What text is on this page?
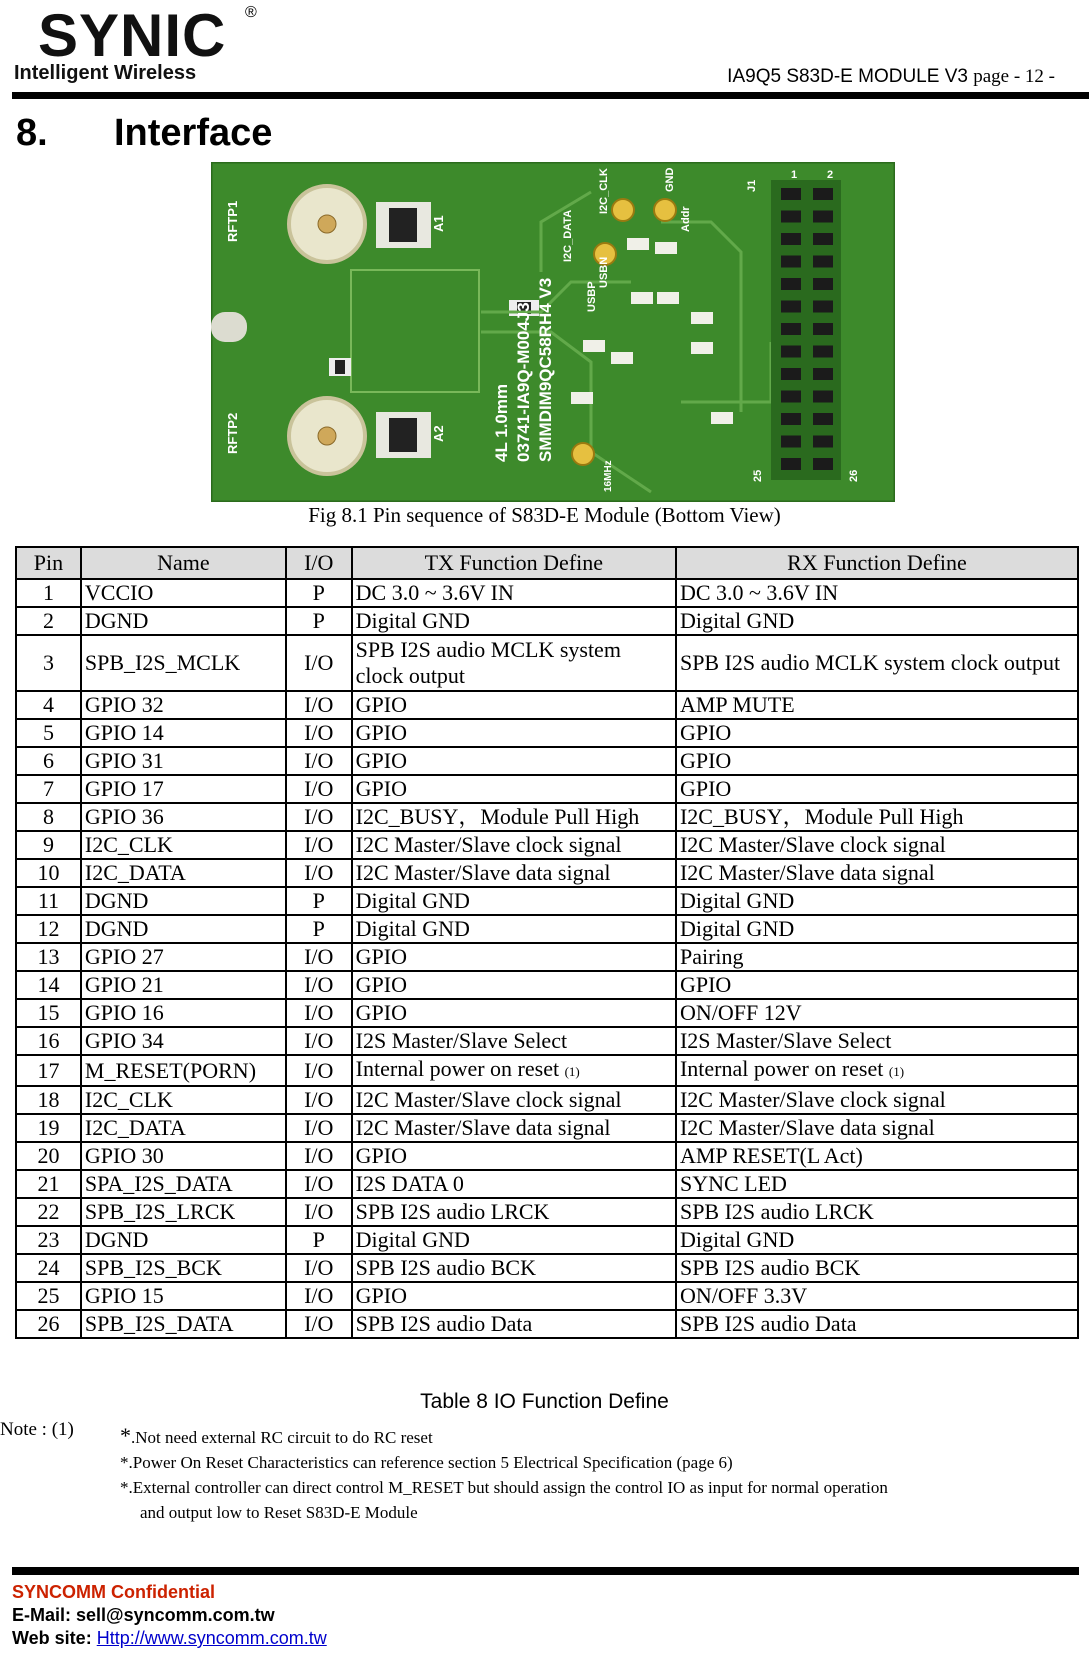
SYNIC ®
Intelligent Wireless	IA9Q5 S83D-E MODULE V3 page - 12 -
8. Interface
RFTP1
RFTP2
A1
A2	4L 1.0mm 03741-IA9Q-M004J3 SMMDIM9QC58RH4 V3
I2C_DATA
I2C_CLK	GND
USBN
USBP
Addr
J1
1	2
25	26
16MHz
Fig 8.1 Pin sequence of S83D-E Module (Bottom View)
Pin	Name	I/O	TX Function Define	RX Function Define
1	VCCIO	P	DC 3.0 ~ 3.6V IN	DC 3.0 ~ 3.6V IN
2	DGND	P	Digital GND	Digital GND
3	SPB_I2S_MCLK	I/O	SPB I2S audio MCLK system clock output	SPB I2S audio MCLK system clock output
4	GPIO 32	I/O	GPIO	AMP MUTE
5	GPIO 14	I/O	GPIO	GPIO
6	GPIO 31	I/O	GPIO	GPIO
7	GPIO 17	I/O	GPIO	GPIO
8	GPIO 36	I/O	I2C_BUSY，Module Pull High	I2C_BUSY，Module Pull High
9	I2C_CLK	I/O	I2C Master/Slave clock signal	I2C Master/Slave clock signal
10	I2C_DATA	I/O	I2C Master/Slave data signal	I2C Master/Slave data signal
11	DGND	P	Digital GND	Digital GND
12	DGND	P	Digital GND	Digital GND
13	GPIO 27	I/O	GPIO	Pairing
14	GPIO 21	I/O	GPIO	GPIO
15	GPIO 16	I/O	GPIO	ON/OFF 12V
16	GPIO 34	I/O	I2S Master/Slave Select	I2S Master/Slave Select
17	M_RESET(PORN)	I/O	Internal power on reset (1)	Internal power on reset (1)
18	I2C_CLK	I/O	I2C Master/Slave clock signal	I2C Master/Slave clock signal
19	I2C_DATA	I/O	I2C Master/Slave data signal	I2C Master/Slave data signal
20	GPIO 30	I/O	GPIO	AMP RESET(L Act)
21	SPA_I2S_DATA	I/O	I2S DATA 0	SYNC LED
22	SPB_I2S_LRCK	I/O	SPB I2S audio LRCK	SPB I2S audio LRCK
23	DGND	P	Digital GND	Digital GND
24	SPB_I2S_BCK	I/O	SPB I2S audio BCK	SPB I2S audio BCK
25	GPIO 15	I/O	GPIO	ON/OFF 3.3V
26	SPB_I2S_DATA	I/O	SPB I2S audio Data	SPB I2S audio Data
Table 8 IO Function Define
Note : (1) *.Not need external RC circuit to do RC reset
*.Power On Reset Characteristics can reference section 5 Electrical Specification (page 6)
*.External controller can direct control M_RESET but should assign the control IO as input for normal operation
and output low to Reset S83D-E Module
SYNCOMM Confidential
E-Mail: sell@syncomm.com.tw
Web site: Http://www.syncomm.com.tw
